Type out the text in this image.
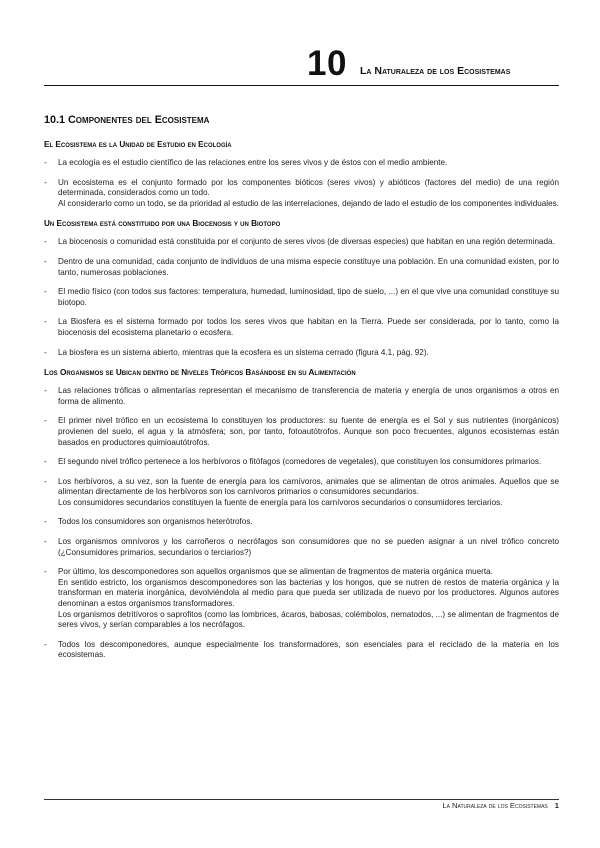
10 La Naturaleza de los Ecosistemas
10.1 Componentes del Ecosistema
El Ecosistema es la Unidad de Estudio en Ecología
- La ecología es el estudio científico de las relaciones entre los seres vivos y de éstos con el medio ambiente.

- Un ecosistema es el conjunto formado por los componentes bióticos (seres vivos) y abióticos (factores del medio) de una región determinada, considerados como un todo.

Al considerarlo como un todo, se da prioridad al estudio de las interrelaciones, dejando de lado el estudio de los componentes individuales.

Un Ecosistema está constituido por una Biocenosis y un Biotopo
- La biocenosis o comunidad está constituida por el conjunto de seres vivos (de diversas especies) que habitan en una región determinada.

- Dentro de una comunidad, cada conjunto de individuos de una misma especie constituye una población. En una comunidad existen, por lo tanto, numerosas poblaciones.

- El medio físico (con todos sus factores: temperatura, humedad, luminosidad, tipo de suelo, ...) en el que vive una comunidad constituye su biotopo.

- La Biosfera es el sistema formado por todos los seres vivos que habitan en la Tierra. Puede ser considerada, por lo tanto, como la biocenosis del ecosistema planetario o ecosfera.

- La biosfera es un sistema abierto, mientras que la ecosfera es un sistema cerrado (figura 4.1, pág. 92).

Los Organismos se Ubican dentro de Niveles Tróficos Basándose en su Alimentación
- Las relaciones tróficas o alimentarías representan el mecanismo de transferencia de materia y energía de unos organismos a otros en forma de alimento.

- El primer nivel trófico en un ecosistema lo constituyen los productores: su fuente de energía es el Sol y sus nutrientes (inorgánicos) provienen del suelo, el agua y la atmósfera; son, por tanto, fotoautótrofos. Aunque son poco frecuentes, algunos ecosistemas están basados en productores quimioautótrofos.

- El segundo nivel trófico pertenece a los herbívoros o fitófagos (comedores de vegetales), que constituyen los consumidores primarios.

- Los herbívoros, a su vez, son la fuente de energía para los carnívoros, animales que se alimentan de otros animales. Aquellos que se alimentan directamente de los herbívoros son los carnívoros primarios o consumidores secundarios.

Los consumidores secundarios constituyen la fuente de energía para los carnívoros secundarios o consumidores terciarios.

- Todos los consumidores son organismos heterótrofos.

- Los organismos omnívoros y los carroñeros o necrófagos son consumidores que no se pueden asignar a un nivel trófico concreto (¿Consumidores primarios, secundarios o terciarios?)

- Por último, los descomponedores son aquellos organismos que se alimentan de fragmentos de materia orgánica muerta.

En sentido estricto, los organismos descomponedores son las bacterias y los hongos, que se nutren de restos de materia orgánica y la transforman en materia inorgánica, devolviéndola al medio para que pueda ser utilizada de nuevo por los productores. Algunos autores denominan a estos organismos transformadores.

Los organismos detritívoros o saprofitos (como las lombrices, ácaros, babosas, colémbolos, nematodos, ...) se alimentan de fragmentos de seres vivos, y serían comparables a los necrófagos.

- Todos los descomponedores, aunque especialmente los transformadores, son esenciales para el reciclado de la materia en los ecosistemas.

La Naturaleza de los Ecosistemas 1
